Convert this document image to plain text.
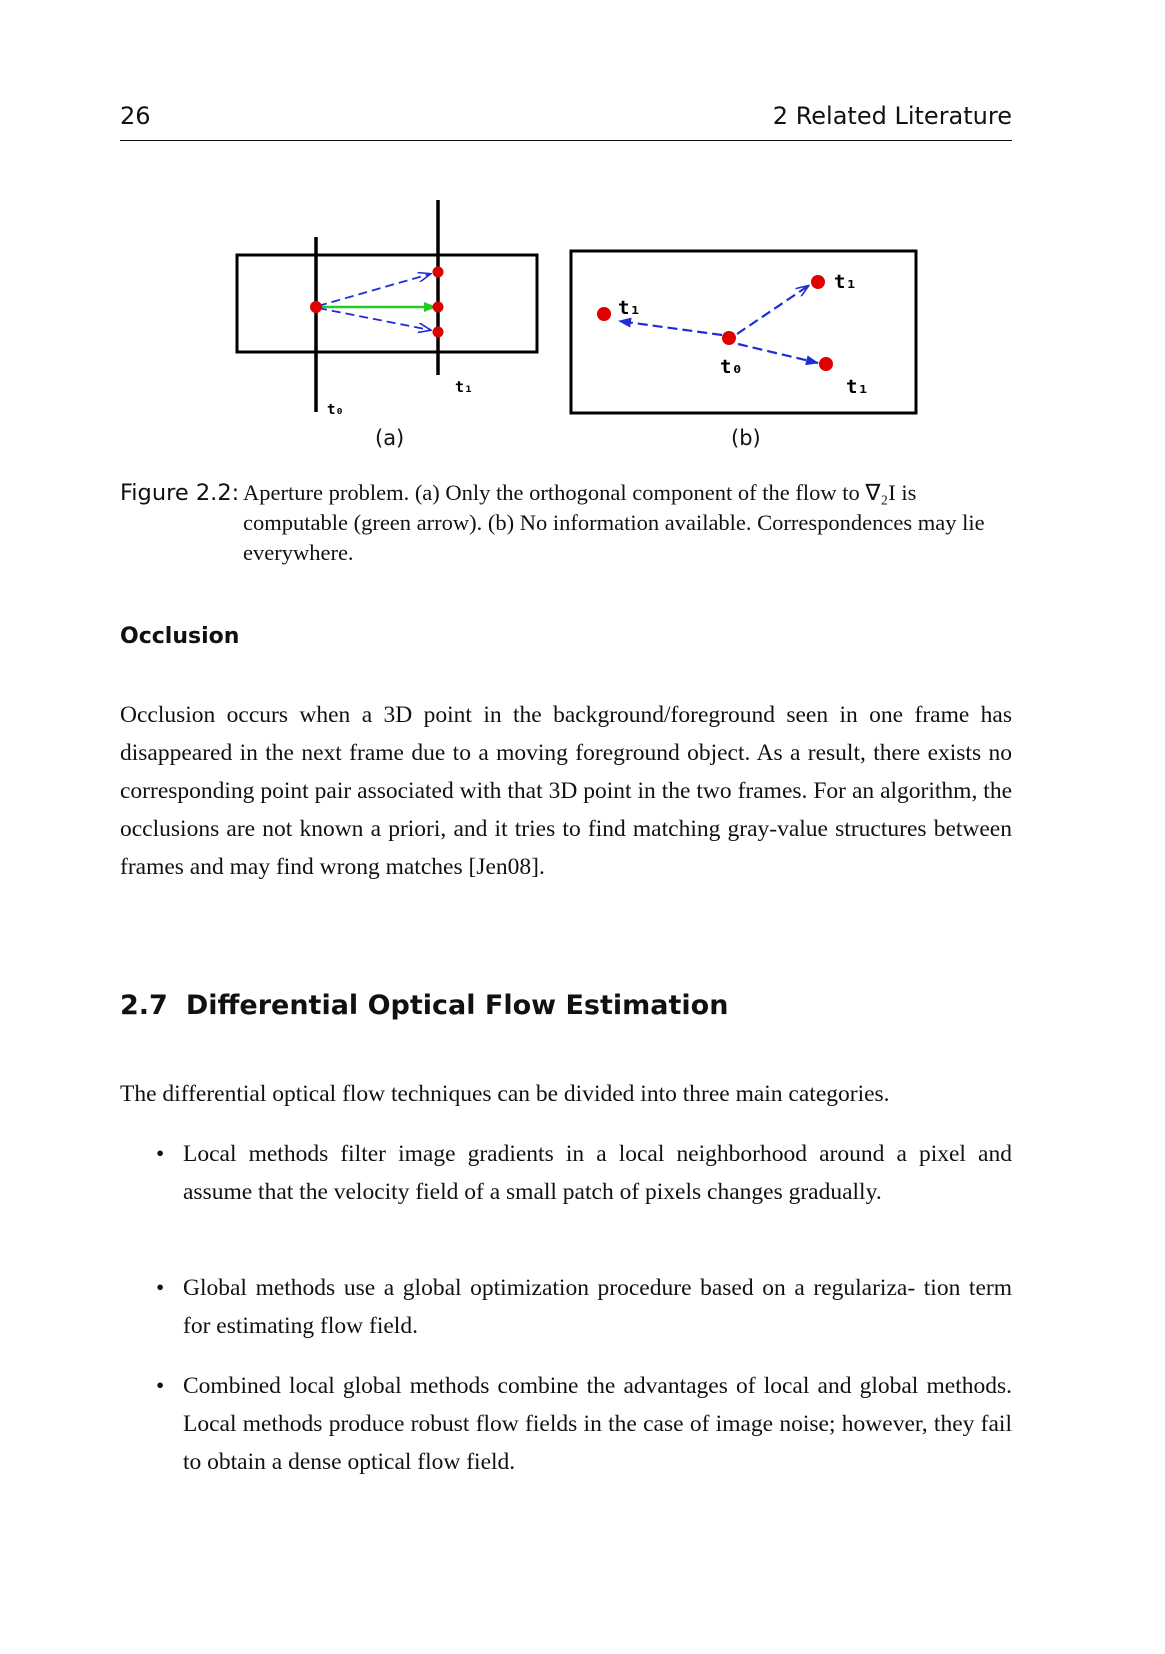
26	2 Related Literature
t₁
t₀
t₁
t₁
t₀
t₁
(a)	(b)
Figure 2.2: Aperture problem. (a) Only the orthogonal component of the flow to ∇₂I is computable (green arrow). (b) No information available. Correspondences may lie everywhere.
Occlusion
Occlusion occurs when a 3D point in the background/foreground seen in one frame has disappeared in the next frame due to a moving foreground object. As a result, there exists no corresponding point pair associated with that 3D point in the two frames. For an algorithm, the occlusions are not known a priori, and it tries to find matching gray-value structures between frames and may find wrong matches [Jen08].
2.7 Differential Optical Flow Estimation
The differential optical flow techniques can be divided into three main categories.
• Local methods filter image gradients in a local neighborhood around a pixel and assume that the velocity field of a small patch of pixels changes gradually.
• Global methods use a global optimization procedure based on a regulariza- tion term for estimating flow field.
• Combined local global methods combine the advantages of local and global methods. Local methods produce robust flow fields in the case of image noise; however, they fail to obtain a dense optical flow field.
